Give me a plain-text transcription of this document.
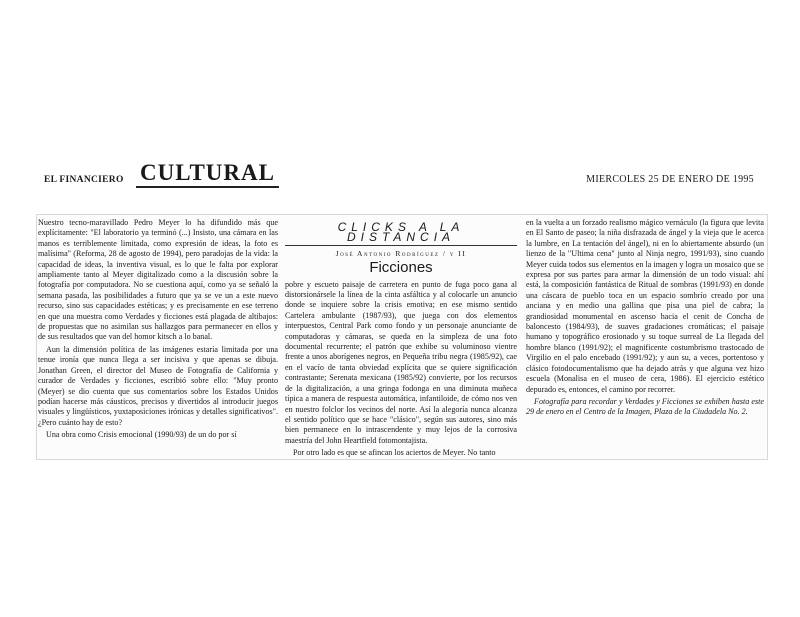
EL FINANCIERO CULTURAL	MIERCOLES 25 DE ENERO DE 1995

Nuestro tecno-maravillado Pedro Meyer lo ha difundido más que explícitamente: "El laboratorio ya terminó (...) Insisto, una cámara en las manos es terriblemente limitada, como expresión de ideas, la foto es malísima" (Reforma, 28 de agosto de 1994), pero paradojas de la vida: la capacidad de ideas, la inventiva visual, es lo que le falta por explorar ampliamente tanto al Meyer digitalizado como a la discusión sobre la fotografía por computadora. No se cuestiona aquí, como ya se señaló la semana pasada, las posibilidades a futuro que ya se ve un a este nuevo recurso, sino sus capacidades estéticas; y es precisamente en ese terreno en que una muestra como Verdades y ficciones está plagada de altibajos: de propuestas que no asimilan sus hallazgos para permanecer en ellos y de sus resultados que van del homor kitsch a lo banal.

Aun la dimensión política de las imágenes estaría limitada por una tenue ironía que nunca llega a ser incisiva y que apenas se dibuja. Jonathan Green, el director del Museo de Fotografía de California y curador de Verdades y ficciones, escribió sobre ello: "Muy pronto (Meyer) se dio cuenta que sus comentarios sobre los Estados Unidos podían hacerse más cáusticos, precisos y divertidos al introducir juegos visuales y lingüísticos, yuxtaposiciones irónicas y detalles significativos". ¿Pero cuánto hay de esto?

Una obra como Crisis emocional (1990/93) de un do por sí

CLICKS A LA DISTANCIA
José Antonio Rodríguez / y II
Ficciones

pobre y escueto paisaje de carretera en punto de fuga poco gana al distorsionársele la línea de la cinta asfáltica y al colocarle un anuncio donde se inquiere sobre la crisis emotiva; en ese mismo sentido Cartelera ambulante (1987/93), que juega con dos elementos interpuestos, Central Park como fondo y un personaje anunciante de computadoras y cámaras, se queda en la simpleza de una foto documental recurrente; el patrón que exhibe su voluminoso vientre frente a unos aborígenes negros, en Pequeña tribu negra (1985/92), cae en el vacío de tanta obviedad explícita que se quiere significación contrastante; Serenata mexicana (1985/92) convierte, por los recursos de la digitalización, a una gringa fodonga en una diminuta muñeca típica a manera de respuesta automática, infantiloide, de cómo nos ven en nuestro folclor los vecinos del norte. Así la alegoría nunca alcanza el sentido político que se hace "clásico", según sus autores, sino más bien permanece en lo intrascendente y muy lejos de la corrosiva maestría del John Heartfield fotomontajista.

Por otro lado es que se afincan los aciertos de Meyer. No tanto

en la vuelta a un forzado realismo mágico vernáculo (la figura que levita en El Santo de paseo; la niña disfrazada de ángel y la vieja que le acerca la lumbre, en La tentación del ángel), ni en lo abiertamente absurdo (un lienzo de la "Ultima cena" junto al Ninja negro, 1991/93), sino cuando Meyer cuida todos sus elementos en la imagen y logra un mosaico que se expresa por sus partes para armar la dimensión de un todo visual: ahí está, la composición fantástica de Ritual de sombras (1991/93) en donde una cáscara de pueblo toca en un espacio sombrío creado por una anciana y en medio una gallina que pisa una piel de cabra; la grandiosidad monumental en ascenso hacia el cenit de Concha de baloncesto (1984/93), de suaves gradaciones cromáticas; el paisaje humano y topográfico erosionado y su toque surreal de La llegada del hombre blanco (1991/92); el magnificente costumbrismo trastocado de Virgilio en el palo encebado (1991/92); y aun su, a veces, portentoso y clásico fotodocumentalismo que ha dejado atrás y que alguna vez hizo escuela (Monalisa en el museo de cera, 1986). El ejercicio estético depurado es, entonces, el camino por recorrer.

Fotografía para recordar y Verdades y Ficciones se exhiben hasta este 29 de enero en el Centro de la Imagen, Plaza de la Ciudadela No. 2.
